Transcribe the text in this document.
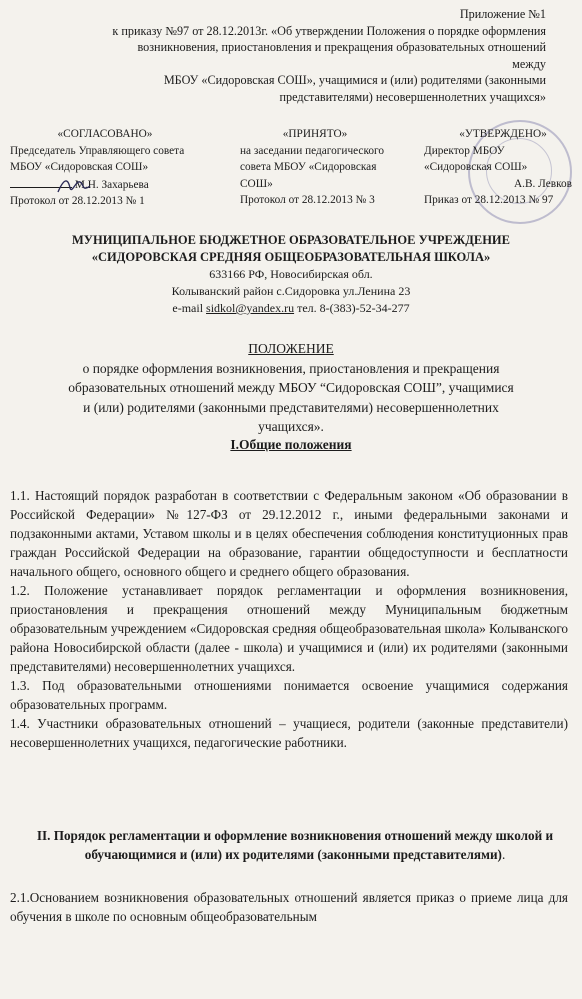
Приложение №1
к приказу №97 от 28.12.2013г. «Об утверждении Положения о порядке оформления
возникновения, приостановления и прекращения образовательных отношений между
МБОУ «Сидоровская СОШ», учащимися и (или) родителями (законными
представителями) несовершеннолетних учащихся»
«СОГЛАСОВАНО»
Председатель Управляющего совета
МБОУ «Сидоровская СОШ»
М.Н. Захарьева
Протокол от 28.12.2013 № 1
«ПРИНЯТО»
на заседании педагогического
совета МБОУ «Сидоровская
СОШ»
Протокол от 28.12.2013 № 3
«УТВЕРЖДЕНО»
Директор МБОУ
«Сидоровская СОШ»
А.В. Левков
Приказ от 28.12.2013 № 97
МУНИЦИПАЛЬНОЕ БЮДЖЕТНОЕ ОБРАЗОВАТЕЛЬНОЕ УЧРЕЖДЕНИЕ
«СИДОРОВСКАЯ СРЕДНЯЯ ОБЩЕОБРАЗОВАТЕЛЬНАЯ ШКОЛА»
633166 РФ, Новосибирская обл.
Колыванский район с.Сидоровка ул.Ленина 23
e-mail sidkol@yandex.ru тел. 8-(383)-52-34-277
ПОЛОЖЕНИЕ
о порядке оформления возникновения, приостановления и прекращения
образовательных отношений между МБОУ “Сидоровская СОШ”, учащимися
и (или) родителями (законными представителями) несовершеннолетних
учащихся».
I.Общие положения
1.1. Настоящий порядок разработан в соответствии с Федеральным законом «Об образовании в Российской Федерации» №127-ФЗ от 29.12.2012 г., иными федеральными законами и подзаконными актами, Уставом школы и в целях обеспечения соблюдения конституционных прав граждан Российской Федерации на образование, гарантии общедоступности и бесплатности начального общего, основного общего и среднего общего образования.
1.2. Положение устанавливает порядок регламентации и оформления возникновения, приостановления и прекращения отношений между Муниципальным бюджетным образовательным учреждением «Сидоровская средняя общеобразовательная школа» Колыванского района Новосибирской области (далее - школа) и учащимися и (или) их родителями (законными представителями) несовершеннолетних учащихся.
1.3. Под образовательными отношениями понимается освоение учащимися содержания образовательных программ.
1.4. Участники образовательных отношений – учащиеся, родители (законные представители) несовершеннолетних учащихся, педагогические работники.
II. Порядок регламентации и оформление возникновения отношений между школой и обучающимися и (или) их родителями (законными представителями).
2.1.Основанием возникновения образовательных отношений является приказ о приеме лица для обучения в школе по основным общеобразовательным
